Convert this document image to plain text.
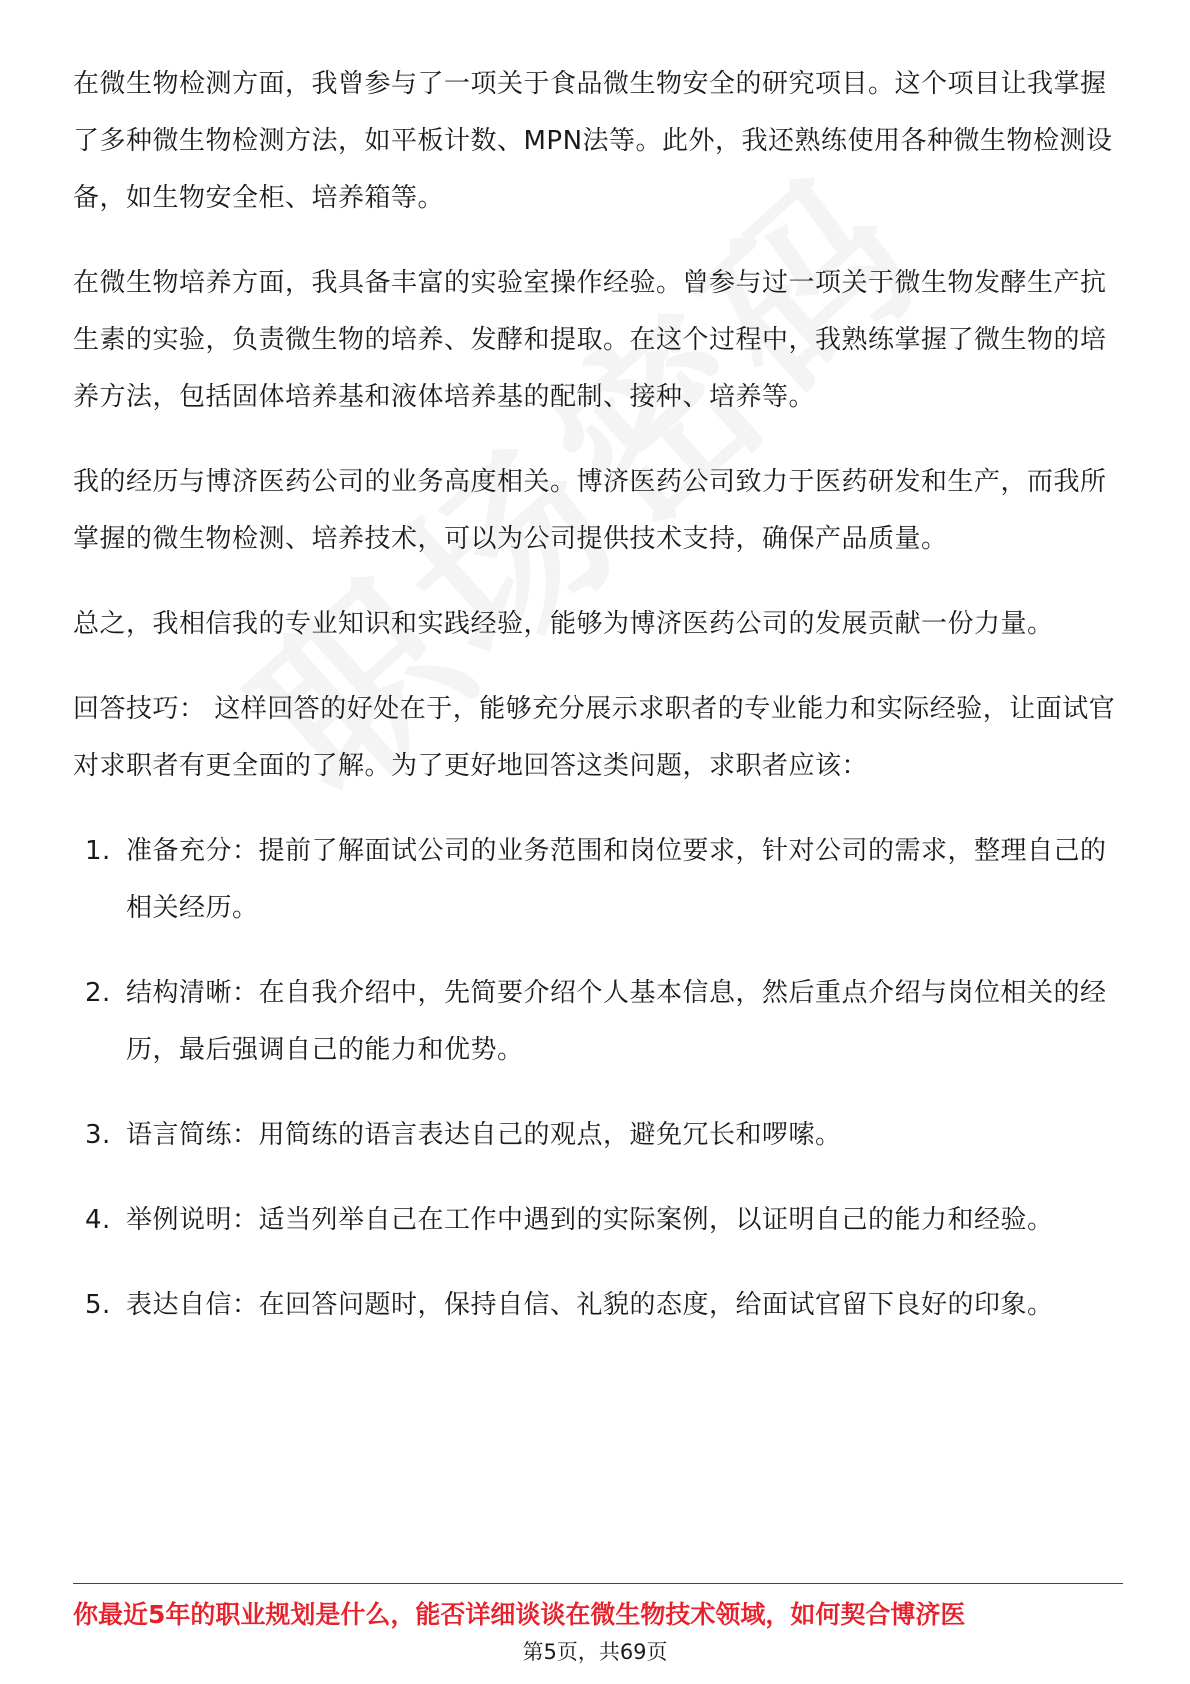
在微生物检测方面，我曾参与了一项关于食品微生物安全的研究项目。这个项目让我掌握了多种微生物检测方法，如平板计数、MPN法等。此外，我还熟练使用各种微生物检测设备，如生物安全柜、培养箱等。

在微生物培养方面，我具备丰富的实验室操作经验。曾参与过一项关于微生物发酵生产抗生素的实验，负责微生物的培养、发酵和提取。在这个过程中，我熟练掌握了微生物的培养方法，包括固体培养基和液体培养基的配制、接种、培养等。

我的经历与博济医药公司的业务高度相关。博济医药公司致力于医药研发和生产，而我所掌握的微生物检测、培养技术，可以为公司提供技术支持，确保产品质量。

总之，我相信我的专业知识和实践经验，能够为博济医药公司的发展贡献一份力量。

回答技巧： 这样回答的好处在于，能够充分展示求职者的专业能力和实际经验，让面试官对求职者有更全面的了解。为了更好地回答这类问题，求职者应该：

1. 准备充分：提前了解面试公司的业务范围和岗位要求，针对公司的需求，整理自己的相关经历。
2. 结构清晰：在自我介绍中，先简要介绍个人基本信息，然后重点介绍与岗位相关的经历，最后强调自己的能力和优势。
3. 语言简练：用简练的语言表达自己的观点，避免冗长和啰嗦。
4. 举例说明：适当列举自己在工作中遇到的实际案例，以证明自己的能力和经验。
5. 表达自信：在回答问题时，保持自信、礼貌的态度，给面试官留下良好的印象。
你最近5年的职业规划是什么，能否详细谈谈在微生物技术领域，如何契合博济医
第5页，共69页
